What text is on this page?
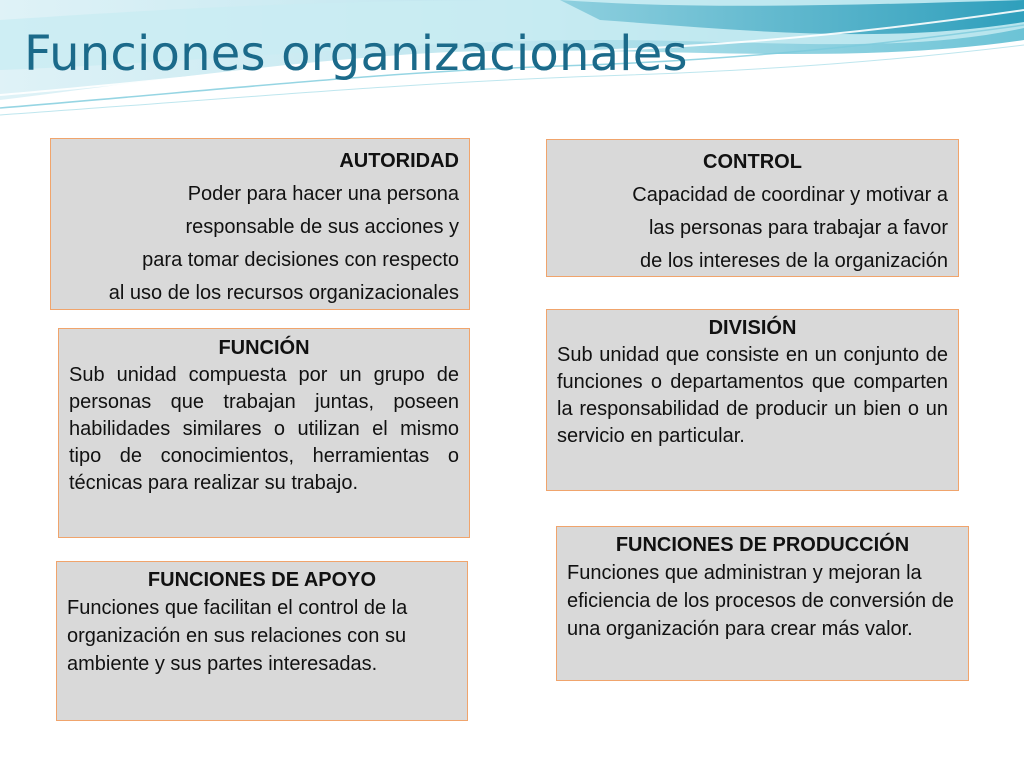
Funciones organizacionales
AUTORIDAD
Poder para hacer una persona
responsable de sus acciones y
para tomar decisiones con respecto
al uso de los recursos organizacionales
CONTROL
Capacidad de coordinar y motivar a
las personas para trabajar a favor
de los intereses de la organización
FUNCIÓN
Sub unidad compuesta por un grupo de personas que trabajan juntas, poseen habilidades similares o utilizan el mismo tipo de conocimientos, herramientas o técnicas para realizar su trabajo.
DIVISIÓN
Sub unidad que consiste en un conjunto de funciones o departamentos que comparten la responsabilidad de producir un bien o un servicio en particular.
FUNCIONES DE APOYO
Funciones que facilitan el control de la organización en sus relaciones con su ambiente y sus partes interesadas.
FUNCIONES DE PRODUCCIÓN
Funciones que administran y mejoran la eficiencia de los procesos de conversión de una organización para crear más valor.
